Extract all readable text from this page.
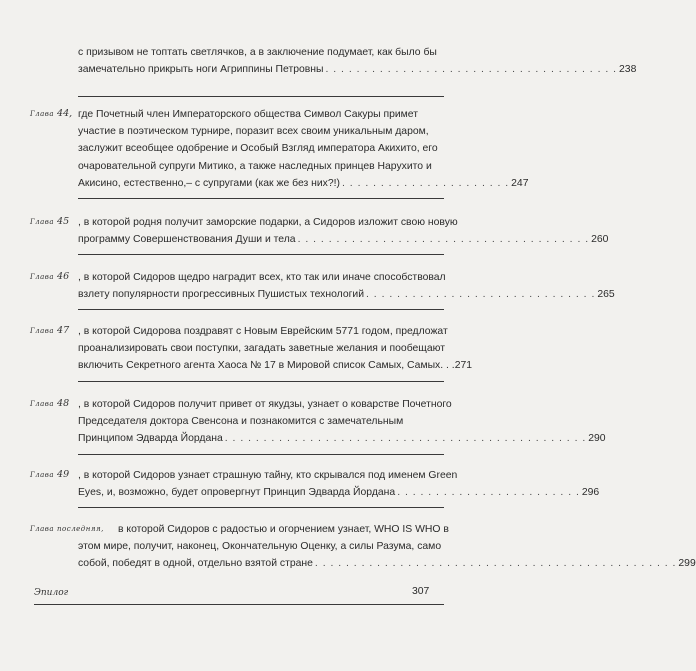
с призывом не топтать светлячков, а в заключение подумает, как было бы
замечательно прикрыть ноги Агриппины Петровны . . . . . . . . . . . . . . . . . . . . . . . . . . . . . . . . . . . . . . 238
Глава 44, где Почетный член Императорского общества Символ Сакуры примет
участие в поэтическом турнире, поразит всех своим уникальным даром,
заслужит всеобщее одобрение и Особый Взгляд императора Акихито, его
очаровательной супруги Митико, а также наследных принцев Нарухито и
Акисино, естественно,– с супругами (как же без них?!) . . . . . . . . . . . . . . . . . . . . . . 247
Глава 45 , в которой родня получит заморские подарки, а Сидоров изложит свою новую
программу Совершенствования Души и тела . . . . . . . . . . . . . . . . . . . . . . . . . . . . . . . . . . . . . . 260
Глава 46 , в которой Сидоров щедро наградит всех, кто так или иначе способствовал
взлету популярности прогрессивных Пушистых технологий . . . . . . . . . . . . . . . . . . . . . . . . . . . . . . 265
Глава 47 , в которой Сидорова поздравят с Новым Еврейским 5771 годом, предложат
проанализировать свои поступки, загадать заветные желания и пообещают
включить Секретного агента Хаоса № 17 в Мировой список Самых, Самых. . . 271
Глава 48 , в которой Сидоров получит привет от якудзы, узнает о коварстве Почетного
Председателя доктора Свенсона и познакомится с замечательным
Принципом Эдварда Йордана . . . . . . . . . . . . . . . . . . . . . . . . . . . . . . . . . . . . . . . . . . . . . . . 290
Глава 49 , в которой Сидоров узнает страшную тайну, кто скрывался под именем Green
Eyes, и, возможно, будет опровергнут Принцип Эдварда Йордана . . . . . . . . . . . . . . . . . . . . . . . . 296
Глава последняя, в которой Сидоров с радостью и огорчением узнает, WHO IS WHO в
этом мире, получит, наконец, Окончательную Оценку, а силы Разума, само
собой, победят в одной, отдельно взятой стране . . . . . . . . . . . . . . . . . . . . . . . . . . . . . . . . . . . . . . . . . . . . . . . 299
Эпилог	307
